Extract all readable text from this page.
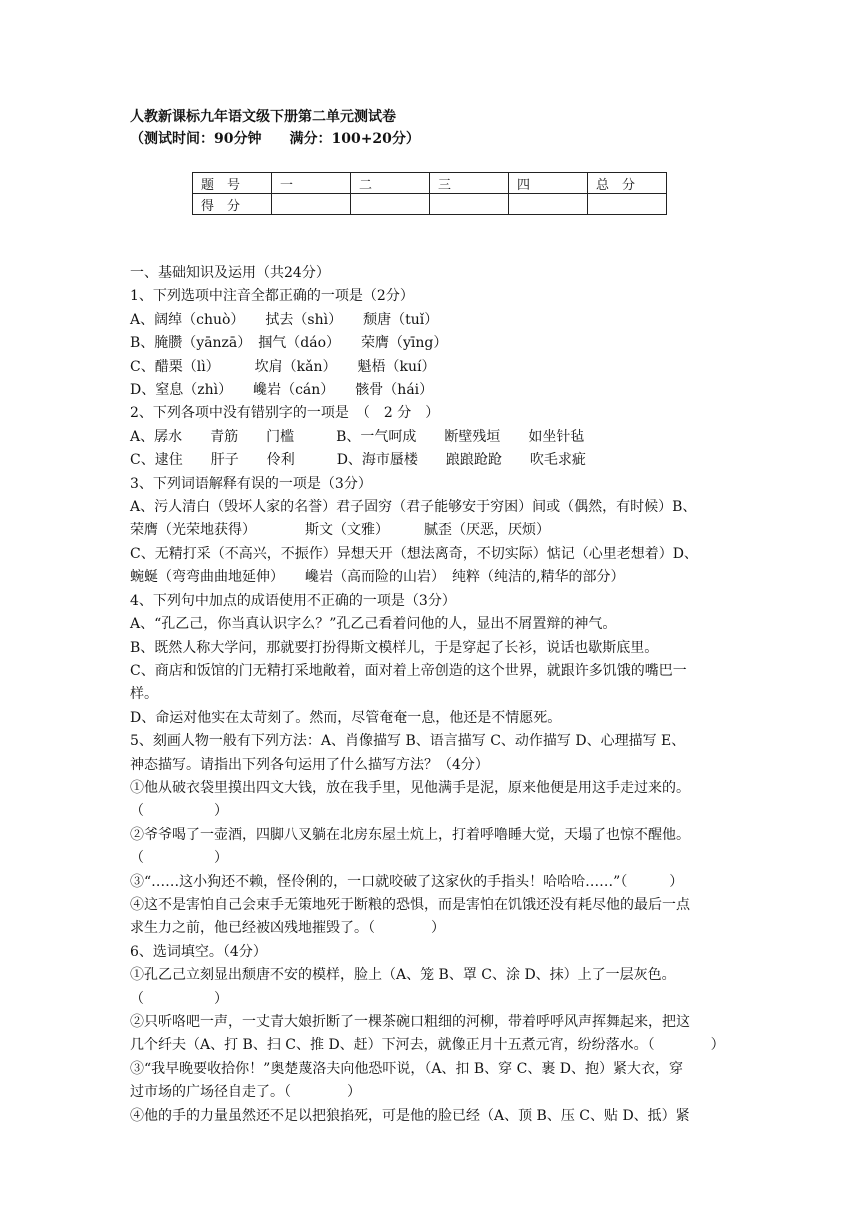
人教新课标九年语文级下册第二单元测试卷
（测试时间：90分钟　　满分：100+20分）
题　号	一	二	三	四	总　分
得　分					

一、基础知识及运用（共24分）

1、下列选项中注音全都正确的一项是（2分）

A、阔绰（chuò）　　拭去（shì）　　颓唐（tuǐ）

B、腌臜（yānzā）　掴气（dáo）　　荣膺（yīng）

C、醋栗（lì）　　　坎肩（kǎn）　　魁梧（kuí）

D、窒息（zhì）　　巉岩（cán）　　骸骨（hái）

2、下列各项中没有错别字的一项是　（　2 分　）

A、孱水　　青筋　　门槛　　　B、一气呵成　　断壁残垣　　如坐针毡

C、逮住　　肝子　　伶利　　　D、海市蜃楼　　踉踉跄跄　　吹毛求疵

3、下列词语解释有误的一项是（3分）

A、污人清白（毁坏人家的名誉）君子固穷（君子能够安于穷困）间或（偶然，有时候）B、

荣膺（光荣地获得）　　　　斯文（文雅）　　　腻歪（厌恶，厌烦）

C、无精打采（不高兴，不振作）异想天开（想法离奇，不切实际）惦记（心里老想着）D、

蜿蜒（弯弯曲曲地延伸）　　巉岩（高而险的山岩）　纯粹（纯洁的,精华的部分）

4、下列句中加点的成语使用不正确的一项是（3分）

A、“孔乙己，你当真认识字么？”孔乙己看着问他的人，显出不屑置辩的神气。

B、既然人称大学问，那就要打扮得斯文模样儿，于是穿起了长衫，说话也歇斯底里。

C、商店和饭馆的门无精打采地敞着，面对着上帝创造的这个世界，就跟许多饥饿的嘴巴一

样。

D、命运对他实在太苛刻了。然而，尽管奄奄一息，他还是不情愿死。

5、刻画人物一般有下列方法：A、肖像描写 B、语言描写 C、动作描写 D、心理描写 E、

神态描写。请指出下列各句运用了什么描写方法？（4分）

①他从破衣袋里摸出四文大钱，放在我手里，见他满手是泥，原来他便是用这手走过来的。

（　　　　　）

②爷爷喝了一壶酒，四脚八叉躺在北房东屋土炕上，打着呼噜睡大觉，天塌了也惊不醒他。

（　　　　　）

③“……这小狗还不赖，怪伶俐的，一口就咬破了这家伙的手指头！哈哈哈……”（　　　）

④这不是害怕自己会束手无策地死于断粮的恐惧，而是害怕在饥饿还没有耗尽他的最后一点

求生力之前，他已经被凶残地摧毁了。（　　　　）

6、选词填空。（4分）

①孔乙己立刻显出颓唐不安的模样，脸上（A、笼 B、罩 C、涂 D、抹）上了一层灰色。

（　　　　　）

②只听咯吧一声，一丈青大娘折断了一棵茶碗口粗细的河柳，带着呼呼风声挥舞起来，把这

几个纤夫（A、打 B、扫 C、推 D、赶）下河去，就像正月十五煮元宵，纷纷落水。（　　　　）

③“我早晚要收拾你！”奥楚蔑洛夫向他恐吓说，（A、扣 B、穿 C、裹 D、抱）紧大衣，穿

过市场的广场径自走了。（　　　　）

④他的手的力量虽然还不足以把狼掐死，可是他的脸已经（A、顶 B、压 C、贴 D、抵）紧
